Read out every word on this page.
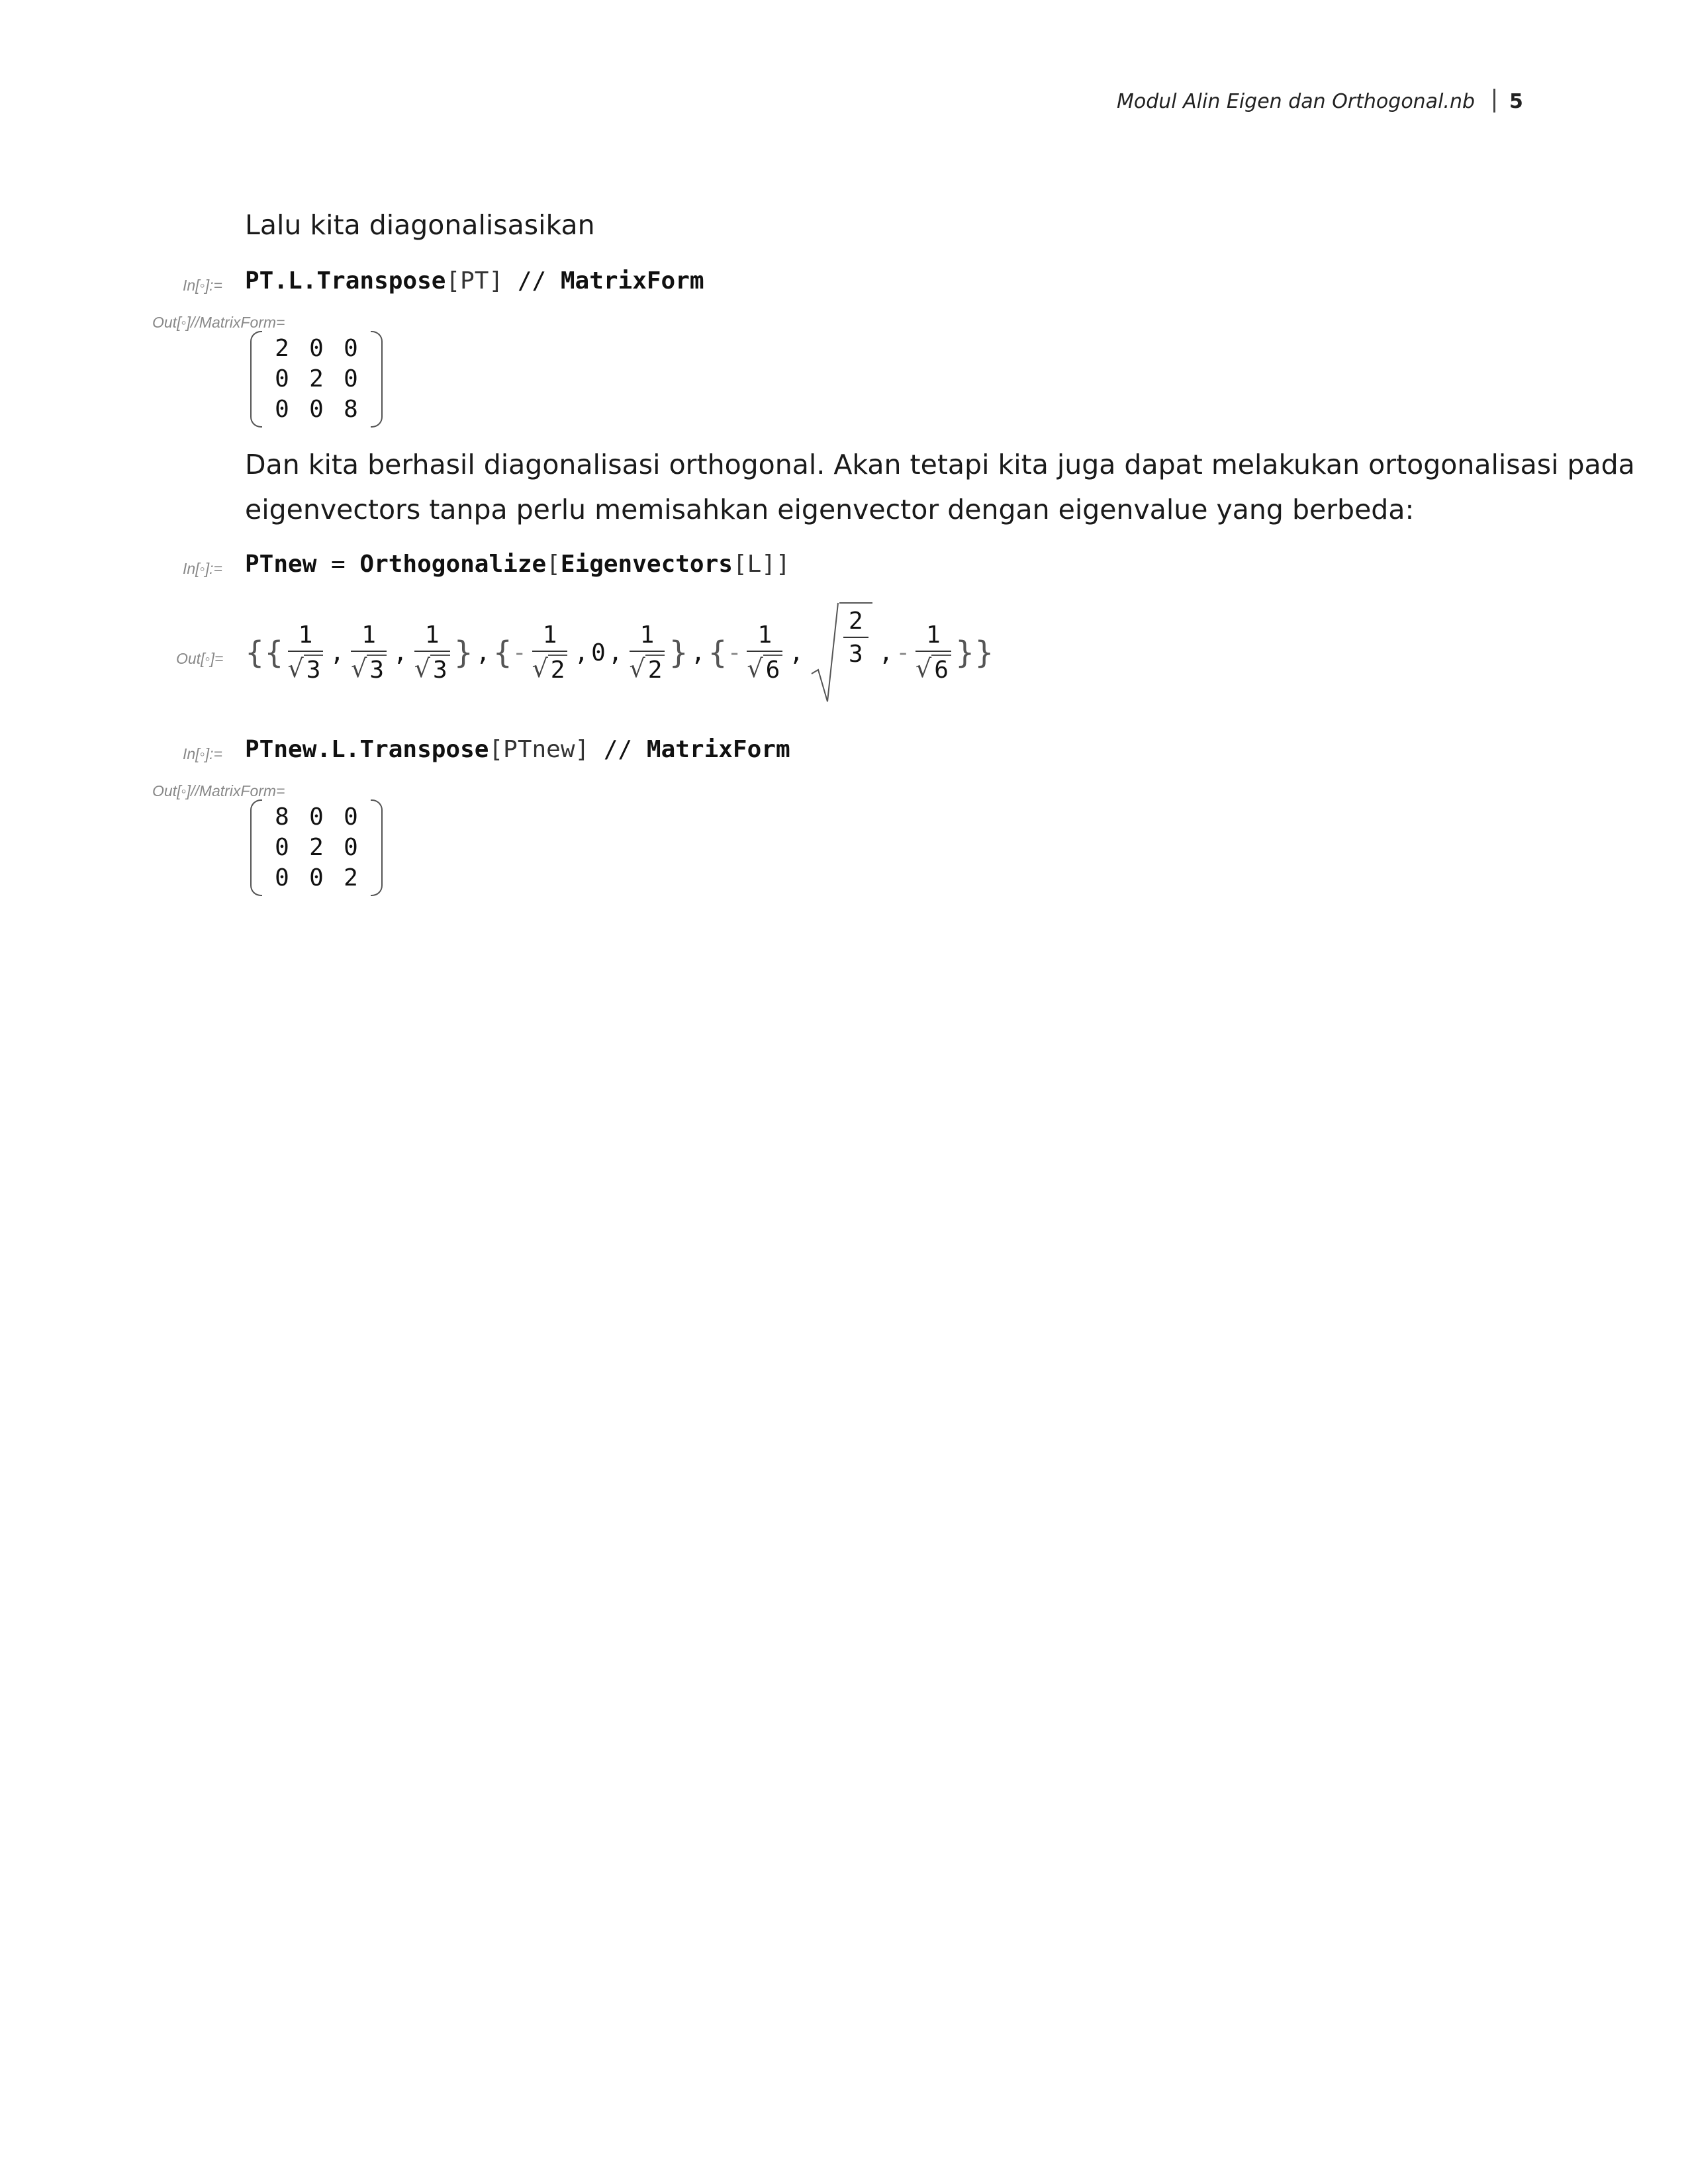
Modul Alin Eigen dan Orthogonal.nb 5
Lalu kita diagonalisasikan
In[◦]:= PT.L.Transpose[PT] // MatrixForm
Out[◦]//MatrixForm=
2 0 0
0 2 0
0 0 8
Dan kita berhasil diagonalisasi orthogonal. Akan tetapi kita juga dapat melakukan ortogonalisasi pada
eigenvectors tanpa perlu memisahkan eigenvector dengan eigenvalue yang berbeda:
In[◦]:= PTnew = Orthogonalize[Eigenvectors[L]]
Out[◦]= {{ $\frac{1}{√ 3}$ , $\frac{1}{√ 3}$ , $\frac{1}{√ 3}$ } , { - $\frac{1}{√ 2}$ , 0 , $\frac{1}{√ 2}$ } , { - $\frac{1}{√ 6}$ , $\frac{2}{3}$ , - $\frac{1}{√ 6}$ }}
In[◦]:= PTnew.L.Transpose[PTnew] // MatrixForm
Out[◦]//MatrixForm=
8 0 0
0 2 0
0 0 2
